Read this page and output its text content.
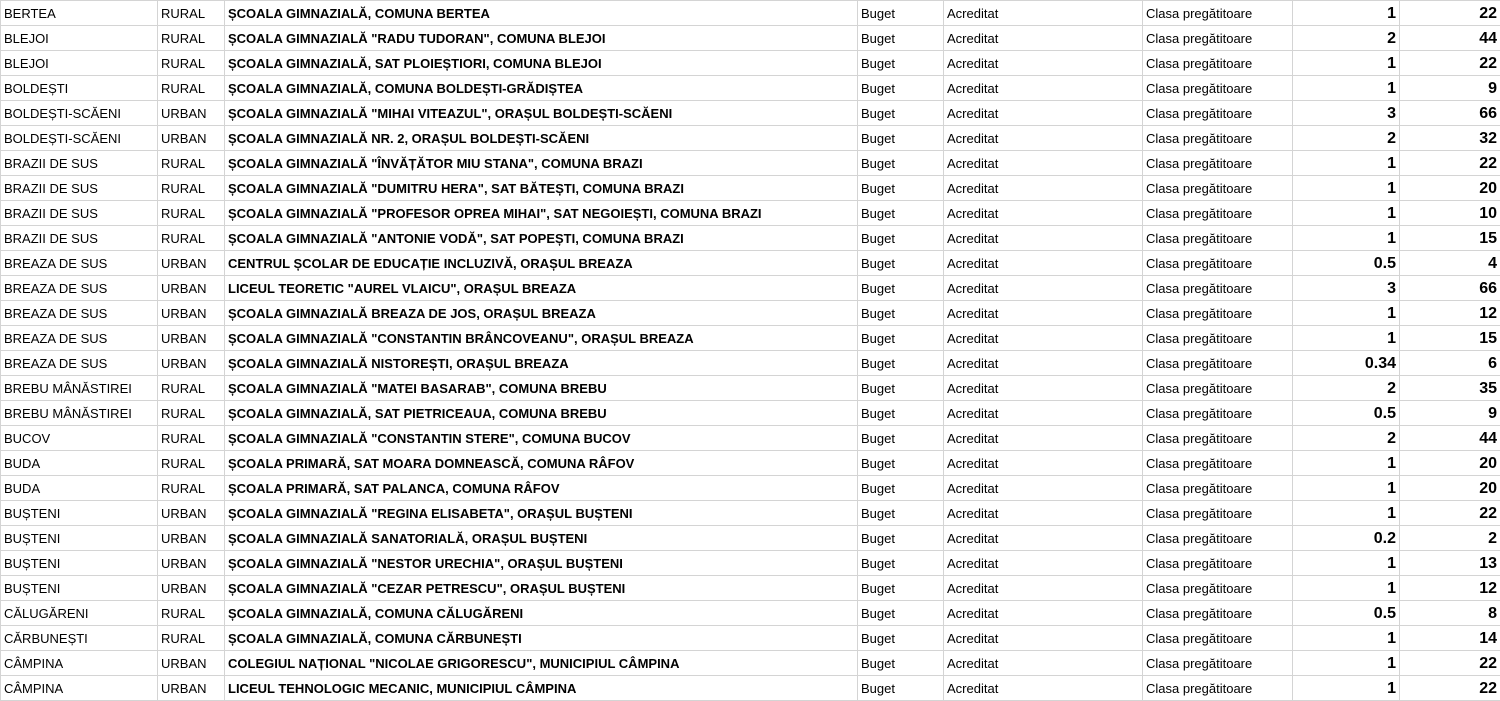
BERTEA	RURAL	ȘCOALA GIMNAZIALĂ, COMUNA BERTEA	Buget	Acreditat	Clasa pregătitoare	1	22
BLEJOI	RURAL	ȘCOALA GIMNAZIALĂ "RADU TUDORAN", COMUNA BLEJOI	Buget	Acreditat	Clasa pregătitoare	2	44
BLEJOI	RURAL	ȘCOALA GIMNAZIALĂ, SAT PLOIEȘTIORI, COMUNA BLEJOI	Buget	Acreditat	Clasa pregătitoare	1	22
BOLDEȘTI	RURAL	ȘCOALA GIMNAZIALĂ, COMUNA BOLDEȘTI-GRĂDIȘTEA	Buget	Acreditat	Clasa pregătitoare	1	9
BOLDEȘTI-SCĂENI	URBAN	ȘCOALA GIMNAZIALĂ "MIHAI VITEAZUL", ORAȘUL BOLDEȘTI-SCĂENI	Buget	Acreditat	Clasa pregătitoare	3	66
BOLDEȘTI-SCĂENI	URBAN	ȘCOALA GIMNAZIALĂ NR. 2, ORAȘUL BOLDEȘTI-SCĂENI	Buget	Acreditat	Clasa pregătitoare	2	32
BRAZII DE SUS	RURAL	ȘCOALA GIMNAZIALĂ "ÎNVĂȚĂTOR MIU STANA", COMUNA BRAZI	Buget	Acreditat	Clasa pregătitoare	1	22
BRAZII DE SUS	RURAL	ȘCOALA GIMNAZIALĂ "DUMITRU HERA", SAT BĂTEȘTI, COMUNA BRAZI	Buget	Acreditat	Clasa pregătitoare	1	20
BRAZII DE SUS	RURAL	ȘCOALA GIMNAZIALĂ "PROFESOR OPREA MIHAI", SAT NEGOIEȘTI, COMUNA BRAZI	Buget	Acreditat	Clasa pregătitoare	1	10
BRAZII DE SUS	RURAL	ȘCOALA GIMNAZIALĂ "ANTONIE VODĂ", SAT POPEȘTI, COMUNA BRAZI	Buget	Acreditat	Clasa pregătitoare	1	15
BREAZA DE SUS	URBAN	CENTRUL ȘCOLAR DE EDUCAȚIE INCLUZIVĂ, ORAȘUL BREAZA	Buget	Acreditat	Clasa pregătitoare	0.5	4
BREAZA DE SUS	URBAN	LICEUL TEORETIC "AUREL VLAICU", ORAȘUL BREAZA	Buget	Acreditat	Clasa pregătitoare	3	66
BREAZA DE SUS	URBAN	ȘCOALA GIMNAZIALĂ BREAZA DE JOS, ORAȘUL BREAZA	Buget	Acreditat	Clasa pregătitoare	1	12
BREAZA DE SUS	URBAN	ȘCOALA GIMNAZIALĂ "CONSTANTIN BRÂNCOVEANU", ORAȘUL BREAZA	Buget	Acreditat	Clasa pregătitoare	1	15
BREAZA DE SUS	URBAN	ȘCOALA GIMNAZIALĂ NISTOREȘTI, ORAȘUL BREAZA	Buget	Acreditat	Clasa pregătitoare	0.34	6
BREBU MÂNĂSTIREI	RURAL	ȘCOALA GIMNAZIALĂ "MATEI BASARAB", COMUNA BREBU	Buget	Acreditat	Clasa pregătitoare	2	35
BREBU MÂNĂSTIREI	RURAL	ȘCOALA GIMNAZIALĂ, SAT PIETRICEAUA, COMUNA BREBU	Buget	Acreditat	Clasa pregătitoare	0.5	9
BUCOV	RURAL	ȘCOALA GIMNAZIALĂ "CONSTANTIN STERE", COMUNA BUCOV	Buget	Acreditat	Clasa pregătitoare	2	44
BUDA	RURAL	ȘCOALA PRIMARĂ, SAT MOARA DOMNEASCĂ, COMUNA RÂFOV	Buget	Acreditat	Clasa pregătitoare	1	20
BUDA	RURAL	ȘCOALA PRIMARĂ, SAT PALANCA, COMUNA RÂFOV	Buget	Acreditat	Clasa pregătitoare	1	20
BUȘTENI	URBAN	ȘCOALA GIMNAZIALĂ "REGINA ELISABETA", ORAȘUL BUȘTENI	Buget	Acreditat	Clasa pregătitoare	1	22
BUȘTENI	URBAN	ȘCOALA GIMNAZIALĂ SANATORIALĂ, ORAȘUL BUȘTENI	Buget	Acreditat	Clasa pregătitoare	0.2	2
BUȘTENI	URBAN	ȘCOALA GIMNAZIALĂ "NESTOR URECHIA", ORAȘUL BUȘTENI	Buget	Acreditat	Clasa pregătitoare	1	13
BUȘTENI	URBAN	ȘCOALA GIMNAZIALĂ "CEZAR PETRESCU", ORAȘUL BUȘTENI	Buget	Acreditat	Clasa pregătitoare	1	12
CĂLUGĂRENI	RURAL	ȘCOALA GIMNAZIALĂ, COMUNA CĂLUGĂRENI	Buget	Acreditat	Clasa pregătitoare	0.5	8
CĂRBUNEȘTI	RURAL	ȘCOALA GIMNAZIALĂ, COMUNA CĂRBUNEȘTI	Buget	Acreditat	Clasa pregătitoare	1	14
CÂMPINA	URBAN	COLEGIUL NAȚIONAL "NICOLAE GRIGORESCU", MUNICIPIUL CÂMPINA	Buget	Acreditat	Clasa pregătitoare	1	22
CÂMPINA	URBAN	LICEUL TEHNOLOGIC MECANIC, MUNICIPIUL CÂMPINA	Buget	Acreditat	Clasa pregătitoare	1	22
